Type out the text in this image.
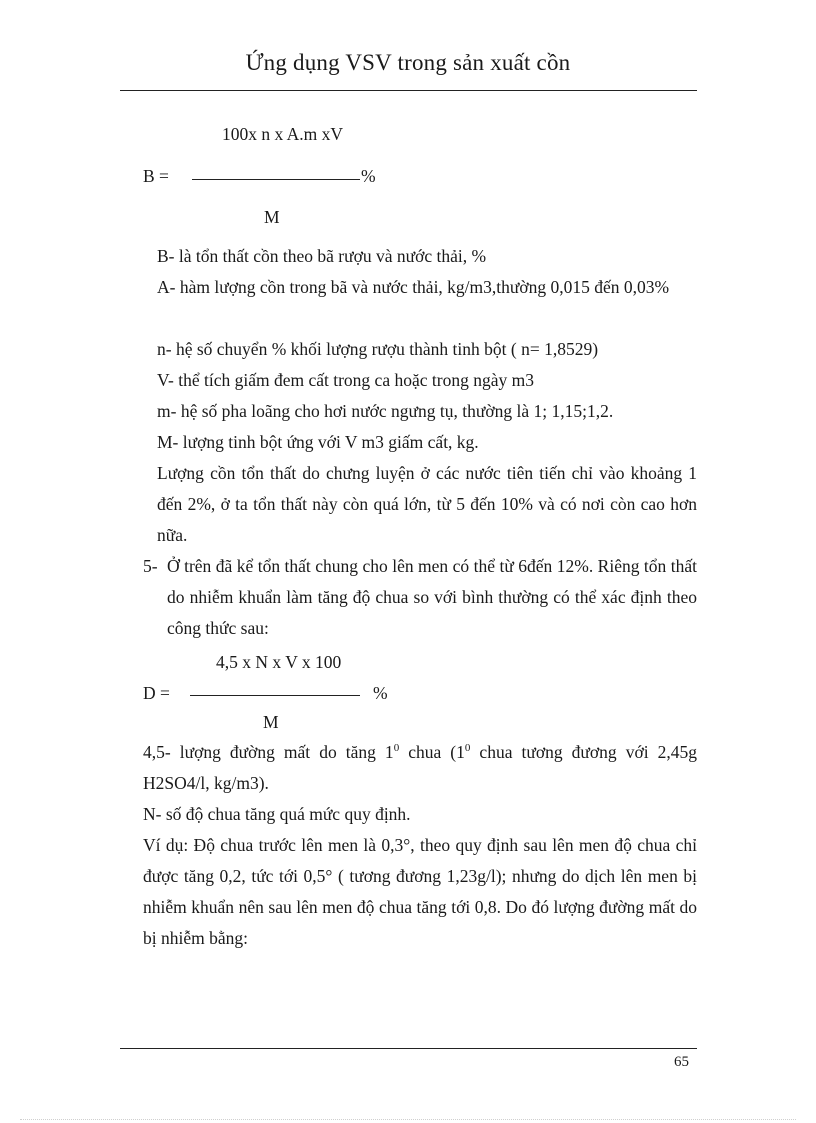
Ứng dụng VSV trong sản xuất cồn
100x n x A.m xV
B =	%
M
B- là tổn thất cồn theo bã rượu và nước thải, %
A- hàm lượng cồn trong bã và nước thải, kg/m3,thường 0,015 đến 0,03%
n- hệ số chuyển % khối lượng rượu thành tinh bột ( n= 1,8529)
V- thể tích giấm đem cất trong ca hoặc trong ngày m3
m- hệ số pha loãng cho hơi nước ngưng tụ, thường là 1; 1,15;1,2.
M- lượng tinh bột ứng với V m3 giấm cất, kg.
Lượng cồn tổn thất do chưng luyện ở các nước tiên tiến chỉ vào khoảng 1 đến 2%, ở ta tổn thất này còn quá lớn, từ 5 đến 10% và có nơi còn cao hơn nữa.
5- Ở trên đã kể tổn thất chung cho lên men có thể từ 6đến 12%. Riêng tổn thất do nhiễm khuẩn làm tăng độ chua so với bình thường có thể xác định theo công thức sau:
4,5 x N x V x 100
D =	%
M
4,5- lượng đường mất do tăng $1^0$ chua ($1^0$ chua tương đương với 2,45g H2SO4/l, kg/m3).
N- số độ chua tăng quá mức quy định.
Ví dụ: Độ chua trước lên men là 0,3°, theo quy định sau lên men độ chua chỉ được tăng 0,2, tức tới 0,5° ( tương đương 1,23g/l); nhưng do dịch lên men bị nhiễm khuẩn nên sau lên men độ chua tăng tới 0,8. Do đó lượng đường mất do bị nhiễm bằng:
65
